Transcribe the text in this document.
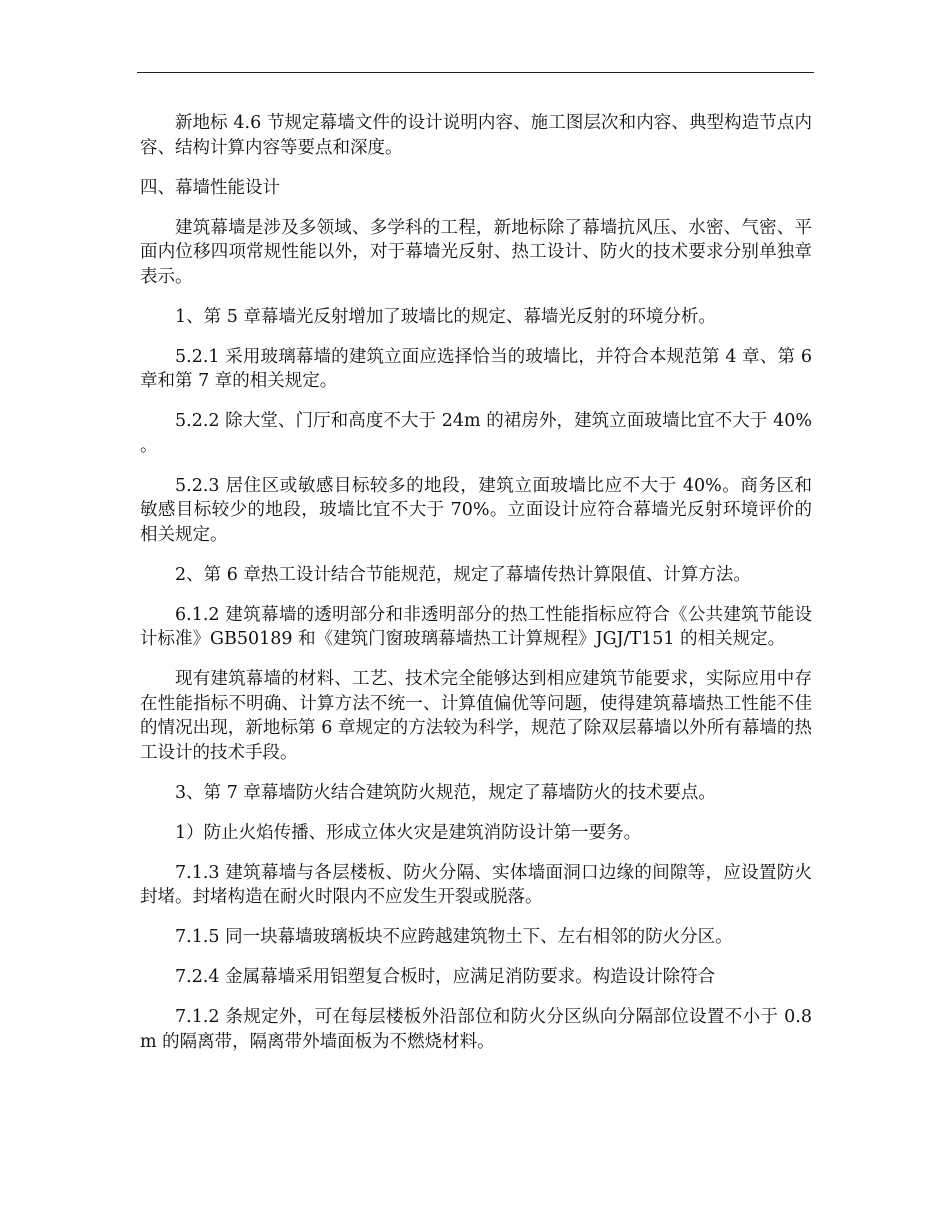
新地标 4.6 节规定幕墙文件的设计说明内容、施工图层次和内容、典型构造节点内容、结构计算内容等要点和深度。

四、幕墙性能设计

建筑幕墙是涉及多领域、多学科的工程，新地标除了幕墙抗风压、水密、气密、平面内位移四项常规性能以外，对于幕墙光反射、热工设计、防火的技术要求分别单独章表示。

1、第 5 章幕墙光反射增加了玻墙比的规定、幕墙光反射的环境分析。

5.2.1 采用玻璃幕墙的建筑立面应选择恰当的玻墙比，并符合本规范第 4 章、第 6 章和第 7 章的相关规定。

5.2.2 除大堂、门厅和高度不大于 24m 的裙房外，建筑立面玻墙比宜不大于 40% 。

5.2.3 居住区或敏感目标较多的地段，建筑立面玻墙比应不大于 40%。商务区和敏感目标较少的地段，玻墙比宜不大于 70%。立面设计应符合幕墙光反射环境评价的相关规定。

2、第 6 章热工设计结合节能规范，规定了幕墙传热计算限值、计算方法。

6.1.2 建筑幕墙的透明部分和非透明部分的热工性能指标应符合《公共建筑节能设计标准》GB50189 和《建筑门窗玻璃幕墙热工计算规程》JGJ/T151 的相关规定。

现有建筑幕墙的材料、工艺、技术完全能够达到相应建筑节能要求，实际应用中存在性能指标不明确、计算方法不统一、计算值偏优等问题，使得建筑幕墙热工性能不佳的情况出现，新地标第 6 章规定的方法较为科学，规范了除双层幕墙以外所有幕墙的热工设计的技术手段。

3、第 7 章幕墙防火结合建筑防火规范，规定了幕墙防火的技术要点。

1）防止火焰传播、形成立体火灾是建筑消防设计第一要务。

7.1.3 建筑幕墙与各层楼板、防火分隔、实体墙面洞口边缘的间隙等，应设置防火封堵。封堵构造在耐火时限内不应发生开裂或脱落。

7.1.5 同一块幕墙玻璃板块不应跨越建筑物土下、左右相邻的防火分区。

7.2.4 金属幕墙采用铝塑复合板时，应满足消防要求。构造设计除符合

7.1.2 条规定外，可在每层楼板外沿部位和防火分区纵向分隔部位设置不小于 0.8m 的隔离带，隔离带外墙面板为不燃烧材料。
